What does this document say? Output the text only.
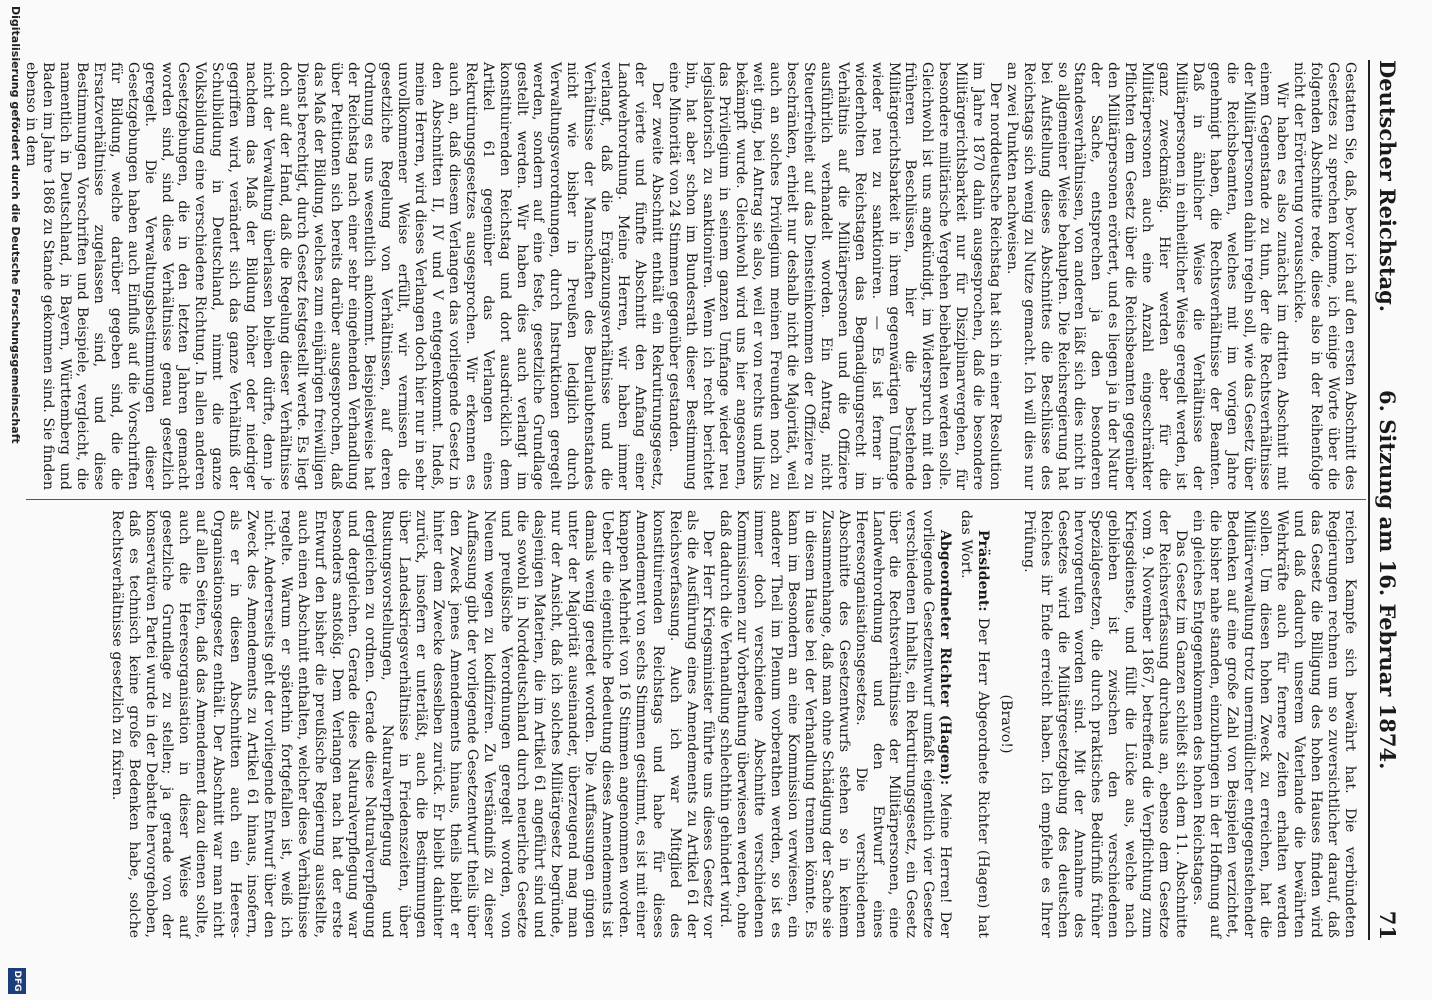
Deutscher Reichstag.
6. Sitzung am 16. Februar 1874.
71

Gestatten Sie, daß, bevor ich auf den ersten Abschnitt des Gesetzes zu sprechen komme, ich einige Worte über die folgenden Abschnitte rede, diese also in der Reihenfolge nicht der Erörterung vorausschicke.

Wir haben es also zunächst im dritten Abschnitt mit einem Gegenstande zu thun, der die Rechtsverhältnisse der Militärpersonen dahin regeln soll, wie das Gesetz über die Reichsbeamten, welches mit im vorigen Jahre genehmigt haben, die Rechtsverhältnisse der Beamten. Daß in ähnlicher Weise die Verhältnisse der Militärpersonen in einheitlicher Weise geregelt werden, ist ganz zweckmäßig. Hier werden aber für die Militärpersonen auch eine Anzahl eingeschränkter Pflichten dem Gesetz über die Reichsbeamten gegenüber den Militärpersonen erörtert, und es liegen ja in der Natur der Sache, entsprechen ja den besonderen Standesverhältnissen, von anderen läßt sich dies nicht in so allgemeiner Weise behaupten. Die Reichsregierung hat bei Aufstellung dieses Abschnittes die Beschlüsse des Reichstags sich wenig zu Nutze gemacht. Ich will dies nur an zwei Punkten nachweisen.

Der norddeutsche Reichstag hat sich in einer Resolution im Jahre 1870 dahin ausgesprochen, daß die besondere Militärgerichtsbarkeit nur für Disziplinarvergehen, für besondere militärische Vergehen beibehalten werden solle. Gleichwohl ist uns angekündigt, im Widerspruch mit den früheren Beschlüssen, hier die bestehende Militärgerichtsbarkeit in ihrem gegenwärtigen Umfange wieder neu zu sanktioniren. — Es ist ferner in wiederholten Reichstagen das Begnadigungsrecht im Verhältnis auf die Militärpersonen und die Offiziere ausführlich verhandelt worden. Ein Antrag, nicht Steuerfreiheit auf das Diensteinkommen der Offiziere zu beschränken, erhielt nur deshalb nicht die Majorität, weil auch an solches Privilegium meinen Freunden noch zu weit ging, bei Antrag sie also, weil er von rechts und links bekämpft wurde. Gleichwohl wird uns hier angesonnen, das Privilegium in seinem ganzen Umfange wieder neu legislatorisch zu sanktioniren. Wenn ich recht berichtet bin, hat aber schon im Bundesrath dieser Bestimmung eine Minorität von 24 Stimmen gegenüber gestanden.

Der zweite Abschnitt enthält ein Rekrutirungsgesetz, der vierte und fünfte Abschnitt den Anfang einer Landwehrordnung. Meine Herren, wir haben immer verlangt, daß die Ergänzungsverhältnisse und die Verhältnisse der Mannschaften des Beurlaubtenstandes nicht wie bisher in Preußen lediglich durch Verwaltungsverordnungen, durch Instruktionen geregelt werden, sondern auf eine feste, gesetzliche Grundlage gestellt werden. Wir haben dies auch verlangt im konstituirenden Reichstag und dort ausdrücklich dem Artikel 61 gegenüber das Verlangen eines Rekrutirungsgesetzes ausgesprochen. Wir erkennen es auch an, daß diesem Verlangen das vorliegende Gesetz in den Abschnitten II, IV und V entgegenkommt. Indeß, meine Herren, wird dieses Verlangen doch hier nur in sehr unvollkommener Weise erfüllt, wir vermissen die gesetzliche Regelung von Verhältnissen, auf deren Ordnung es uns wesentlich ankommt. Beispielsweise hat der Reichstag nach einer sehr eingehenden Verhandlung über Petitionen sich bereits darüber ausgesprochen, daß das Maß der Bildung, welches zum einjährigen freiwilligen Dienst berechtigt, durch Gesetz festgestellt werde. Es liegt doch auf der Hand, daß die Regelung dieser Verhältnisse nicht der Verwaltung überlassen bleiben dürfte, denn je nachdem das Maß der Bildung höher oder niedriger gegriffen wird, verändert sich das ganze Verhältniß der Schulbildung in Deutschland, nimmt die ganze Volksbildung eine verschiedene Richtung. In allen anderen Gesetzgebungen, die in den letzten Jahren gemacht worden sind, sind diese Verhältnisse genau gesetzlich geregelt. Die Verwaltungsbestimmungen dieser Gesetzgebungen haben auch Einfluß auf die Vorschriften für Bildung, welche darüber gegeben sind, die die Ersatzverhältnisse zugelassen sind, und diese Bestimmungen Vorschriften und Beispiele, vergleicht, die namentlich in Deutschland, in Bayern, Württemberg und Baden im Jahre 1868 zu Stande gekommen sind. Sie finden ebenso in dem

reichen Kampfe sich bewährt hat. Die verbündeten Regierungen rechnen um so zuversichtlicher darauf, daß das Gesetz die Billigung des hohen Hauses finden wird und daß dadurch unserem Vaterlande die bewährten Wehrkräfte auch für fernere Zeiten erhalten werden sollen. Um diesen hohen Zweck zu erreichen, hat die Militärverwaltung trotz unermüdlicher entgegenstehender Bedenken auf eine große Zahl von Beispielen verzichtet, die bisher nahe standen, einzubringen in der Hoffnung auf ein gleiches Entgegenkommen des hohen Reichstages.

Das Gesetz im Ganzen schließt sich dem 11. Abschnitte der Reichsverfassung durchaus an, ebenso dem Gesetze vom 9. November 1867, betreffend die Verpflichtung zum Kriegsdienste, und füllt die Lücke aus, welche nach geblieben ist zwischen den verschiedenen Spezialgesetzen, die durch praktisches Bedürfniß früher hervorgerufen worden sind. Mit der Annahme des Gesetzes wird die Militärgesetzgebung des deutschen Reiches ihr Ende erreicht haben. Ich empfehle es Ihrer Prüfung.

(Bravo!)

Präsident: Der Herr Abgeordnete Richter (Hagen) hat das Wort.

Abgeordneter Richter (Hagen): Meine Herren! Der vorliegende Gesetzentwurf umfaßt eigentlich vier Gesetze verschiedenen Inhalts, ein Rekrutirungsgesetz, ein Gesetz über die Rechtsverhältnisse der Militärpersonen, eine Landwehrordnung und den Entwurf eines Heeresorganisationsgesetzes. Die verschiedenen Abschnitte des Gesetzentwurfs stehen so in keinem Zusammenhange, daß man ohne Schädigung der Sache sie in diesem Hause bei der Verhandlung trennen könnte. Es kann im Besondern an eine Kommission verwiesen, ein anderer Theil im Plenum vorberathen werden, so ist es immer doch verschiedene Abschnitte verschiedenen Kommissionen zur Vorberathung überwiesen werden, ohne daß dadurch die Verhandlung schlechthin gehindert wird.

Der Herr Kriegsminister führte uns dieses Gesetz vor als die Ausführung eines Amendements zu Artikel 61 der Reichsverfassung. Auch ich war Mitglied des konstituirenden Reichstags und habe für dieses Amendement von sechs Stimmen gestimmt, es ist mit einer knappen Mehrheit von 16 Stimmen angenommen worden. Ueber die eigentliche Bedeutung dieses Amendements ist damals wenig geredet worden. Die Auffassungen gingen unter der Majorität auseinander, überzeugend mag man nur der Ansicht, daß ich solches Militärgesetz begründe, dasjenigen Materien, die im Artikel 61 angeführt sind und die sowohl in Norddeutschland durch neuerliche Gesetze und preußische Verordnungen geregelt worden, von Neuem wegen zu kodifiziren. Zu Verständniß zu dieser Auffassung gibt der vorliegende Gesetzentwurf theils über den Zweck jenes Amendements hinaus, theils bleibt er hinter dem Zwecke desselben zurück. Er bleibt dahinter zurück, insofern er unterläßt, auch die Bestimmungen über Landeskriegsverhältnisse in Friedenszeiten, über Rustungsvorstellungen, Naturalverpflegung und dergleichen zu ordnen. Gerade diese Naturalverpflegung und dergleichen. Gerade diese Naturalverpflegung war besonders anstoßig. Dem Verlangen nach hat der erste Entwurf den bisher die preußische Regierung ausstellte, auch einen Abschnitt enthalten, welcher diese Verhältnisse regelte. Warum er späterhin fortgefallen ist, weiß ich nicht. Andererseits geht der vorliegende Entwurf über den Zweck des Amendements zu Artikel 61 hinaus, insofern, als er in diesen Abschnitten auch ein Heeres-Organisationsgesetz enthält. Der Abschnitt war man nicht auf allen Seiten, daß das Amendement dazu dienen sollte, auch die Heeresorganisation in dieser Weise auf gesetzliche Grundlage zu stellen; ja gerade von der konservativen Partei wurde in der Debatte hervorgehoben, daß es technisch keine große Bedenken habe, solche Rechtsverhältnisse gesetzlich zu fixiren.

Digitalisierung gefördert durch die Deutsche Forschungsgemeinschaft
DFG
